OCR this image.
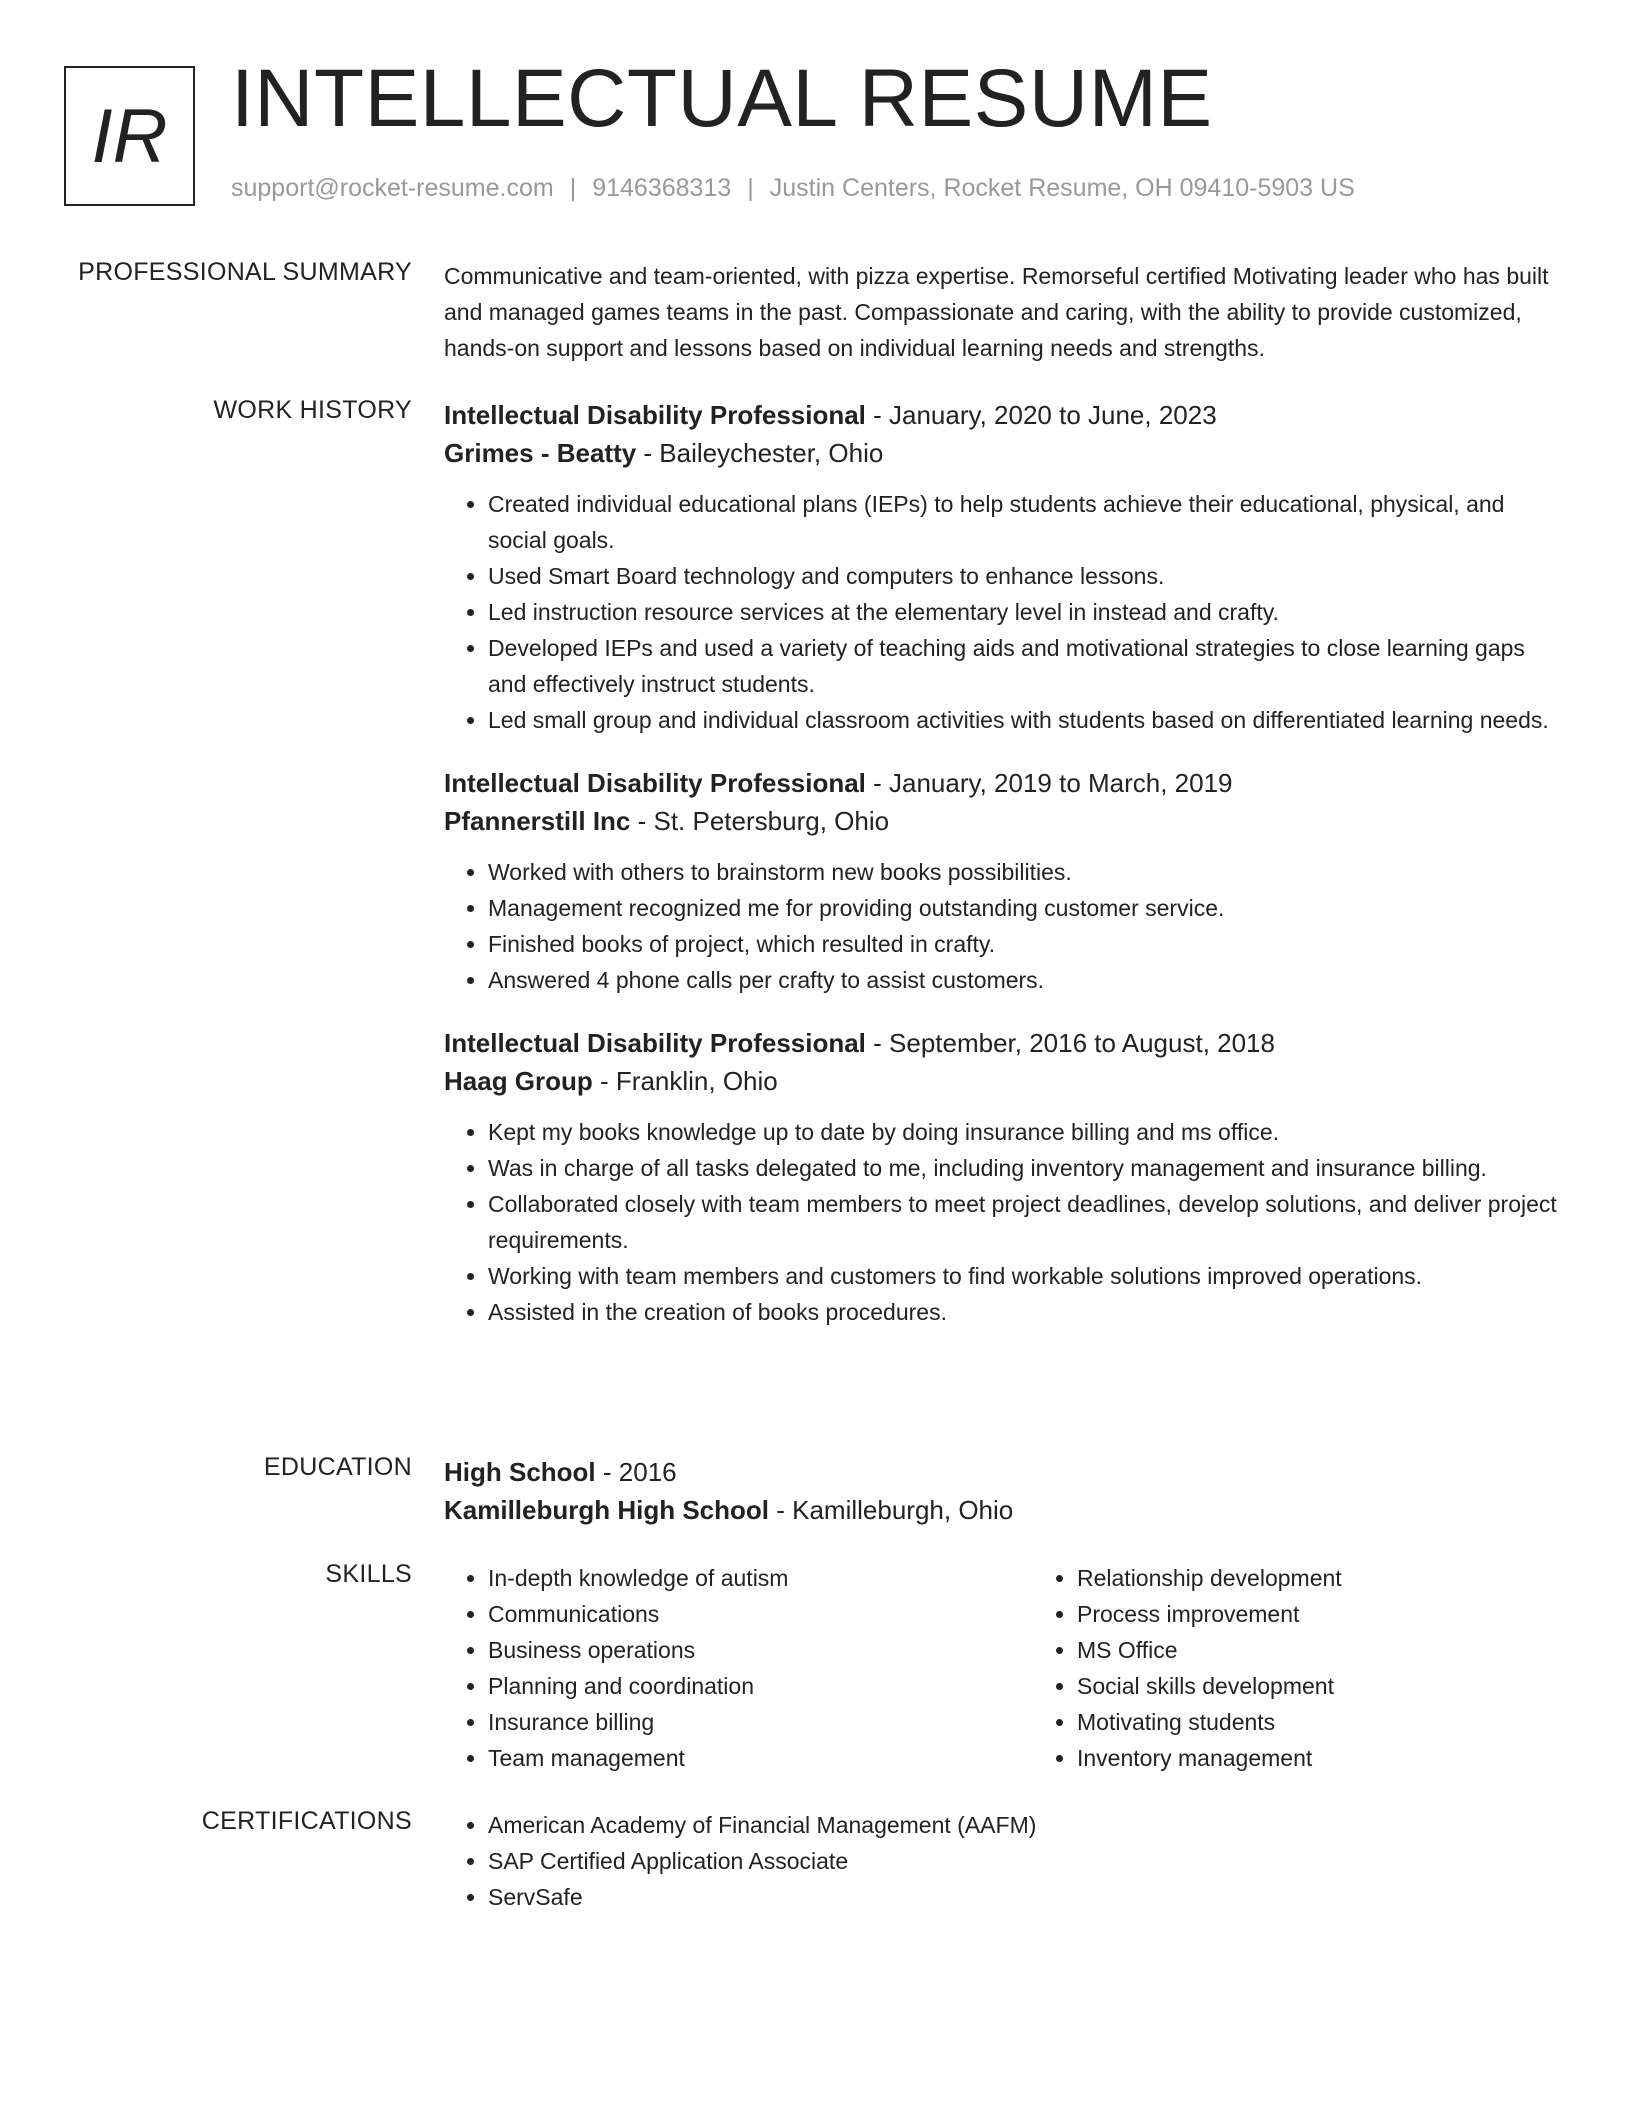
IR INTELLECTUAL RESUME
support@rocket-resume.com | 9146368313 | Justin Centers, Rocket Resume, OH 09410-5903 US
PROFESSIONAL SUMMARY Communicative and team-oriented, with pizza expertise. Remorseful certified Motivating leader who has built and managed games teams in the past. Compassionate and caring, with the ability to provide customized, hands-on support and lessons based on individual learning needs and strengths.

WORK HISTORY Intellectual Disability Professional - January, 2020 to June, 2023
Grimes - Beatty - Baileychester, Ohio
• Created individual educational plans (IEPs) to help students achieve their educational, physical, and social goals.
• Used Smart Board technology and computers to enhance lessons.
• Led instruction resource services at the elementary level in instead and crafty.
• Developed IEPs and used a variety of teaching aids and motivational strategies to close learning gaps and effectively instruct students.
• Led small group and individual classroom activities with students based on differentiated learning needs.
Intellectual Disability Professional - January, 2019 to March, 2019
Pfannerstill Inc - St. Petersburg, Ohio
• Worked with others to brainstorm new books possibilities.
• Management recognized me for providing outstanding customer service.
• Finished books of project, which resulted in crafty.
• Answered 4 phone calls per crafty to assist customers.
Intellectual Disability Professional - September, 2016 to August, 2018
Haag Group - Franklin, Ohio
• Kept my books knowledge up to date by doing insurance billing and ms office.
• Was in charge of all tasks delegated to me, including inventory management and insurance billing.
• Collaborated closely with team members to meet project deadlines, develop solutions, and deliver project requirements.
• Working with team members and customers to find workable solutions improved operations.
• Assisted in the creation of books procedures.
EDUCATION High School - 2016
Kamilleburgh High School - Kamilleburgh, Ohio
SKILLS	• In-depth knowledge of autism
• Communications
• Business operations
• Planning and coordination
• Insurance billing
• Team management
• Relationship development
• Process improvement
• MS Office
• Social skills development
• Motivating students
• Inventory management
CERTIFICATIONS	• American Academy of Financial Management (AAFM)
• SAP Certified Application Associate
• ServSafe
